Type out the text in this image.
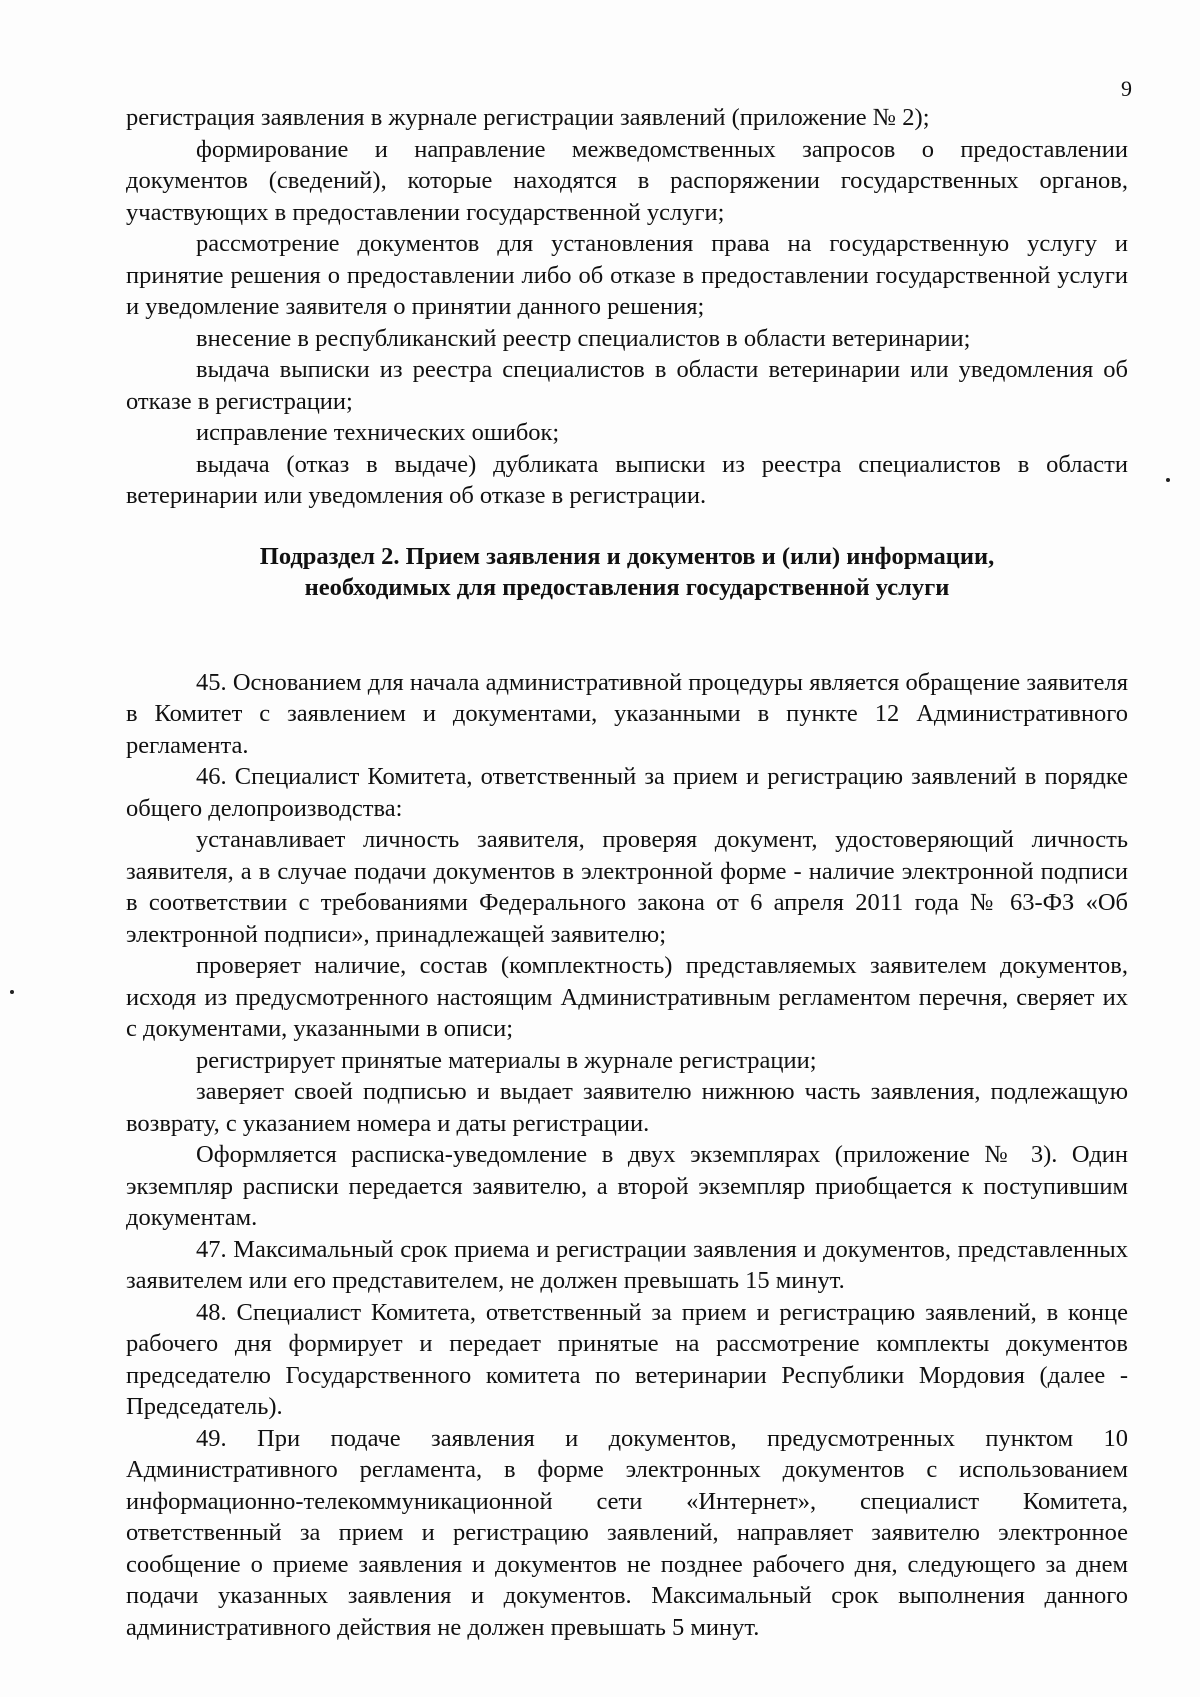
9

регистрация заявления в журнале регистрации заявлений (приложение № 2);

формирование и направление межведомственных запросов о предоставлении документов (сведений), которые находятся в распоряжении государственных органов, участвующих в предоставлении государственной услуги;

рассмотрение документов для установления права на государственную услугу и принятие решения о предоставлении либо об отказе в предоставлении государственной услуги и уведомление заявителя о принятии данного решения;

внесение в республиканский реестр специалистов в области ветеринарии;

выдача выписки из реестра специалистов в области ветеринарии или уведомления об отказе в регистрации;

исправление технических ошибок;

выдача (отказ в выдаче) дубликата выписки из реестра специалистов в области ветеринарии или уведомления об отказе в регистрации.

Подраздел 2. Прием заявления и документов и (или) информации,
необходимых для предоставления государственной услуги

45. Основанием для начала административной процедуры является обращение заявителя в Комитет с заявлением и документами, указанными в пункте 12 Административного регламента.

46. Специалист Комитета, ответственный за прием и регистрацию заявлений в порядке общего делопроизводства:

устанавливает личность заявителя, проверяя документ, удостоверяющий личность заявителя, а в случае подачи документов в электронной форме - наличие электронной подписи в соответствии с требованиями Федерального закона от 6 апреля 2011 года № 63-ФЗ «Об электронной подписи», принадлежащей заявителю;

проверяет наличие, состав (комплектность) представляемых заявителем документов, исходя из предусмотренного настоящим Административным регламентом перечня, сверяет их с документами, указанными в описи;

регистрирует принятые материалы в журнале регистрации;

заверяет своей подписью и выдает заявителю нижнюю часть заявления, подлежащую возврату, с указанием номера и даты регистрации.

Оформляется расписка-уведомление в двух экземплярах (приложение № 3). Один экземпляр расписки передается заявителю, а второй экземпляр приобщается к поступившим документам.

47. Максимальный срок приема и регистрации заявления и документов, представленных заявителем или его представителем, не должен превышать 15 минут.

48. Специалист Комитета, ответственный за прием и регистрацию заявлений, в конце рабочего дня формирует и передает принятые на рассмотрение комплекты документов председателю Государственного комитета по ветеринарии Республики Мордовия (далее - Председатель).

49. При подаче заявления и документов, предусмотренных пунктом 10 Административного регламента, в форме электронных документов с использованием информационно-телекоммуникационной сети «Интернет», специалист Комитета, ответственный за прием и регистрацию заявлений, направляет заявителю электронное сообщение о приеме заявления и документов не позднее рабочего дня, следующего за днем подачи указанных заявления и документов. Максимальный срок выполнения данного административного действия не должен превышать 5 минут.
